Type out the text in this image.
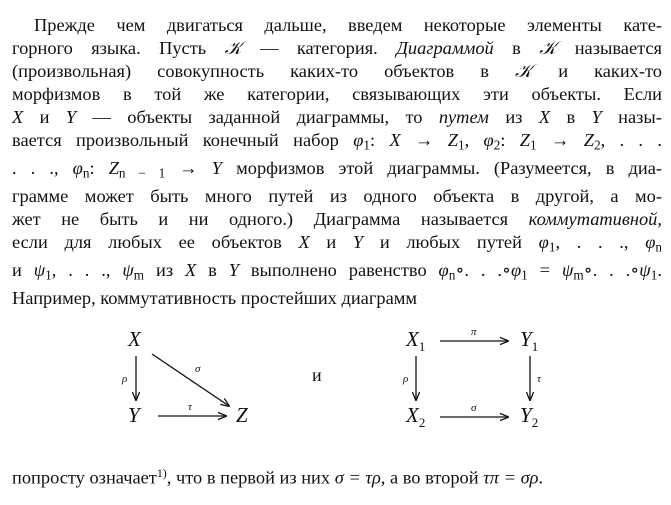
Прежде чем двигаться дальше, введем некоторые элементы кате-
горного языка. Пусть 𝒦 — категория. Диаграммой в 𝒦 называется
(произвольная) совокупность каких-то объектов в 𝒦 и каких-то
морфизмов в той же категории, связывающих эти объекты. Если
X и Y — объекты заданной диаграммы, то путем из X в Y назы-
вается произвольный конечный набор $\varphi_1$: $X \to Z_1$, $\varphi_2$: $Z_1 \to Z_2$, . . .
. . ., $\varphi_n$: $Z_{n - 1} \to Y$ морфизмов этой диаграммы. (Разумеется, в диа-
грамме может быть много путей из одного объекта в другой, а мо-
жет не быть и ни одного.) Диаграмма называется коммутативной,
если для любых ее объектов X и Y и любых путей $\varphi_1$, . . ., $\varphi_n$
и $\psi_1$, . . ., $\psi_m$ из X в Y выполнено равенство $\varphi_n\circ$. . $.\circ\varphi_1$ = $\psi_m\circ$. . $.\circ\psi_1$.
Например, коммутативность простейших диаграмм
X
Y	Z
ρ
σ
τ
и
$X_1$	$Y_1$
$X_2$	$Y_2$
π
ρ	τ
σ
попросту означает$^{1)}$, что в первой из них σ = τρ, а во второй τπ = σρ.
